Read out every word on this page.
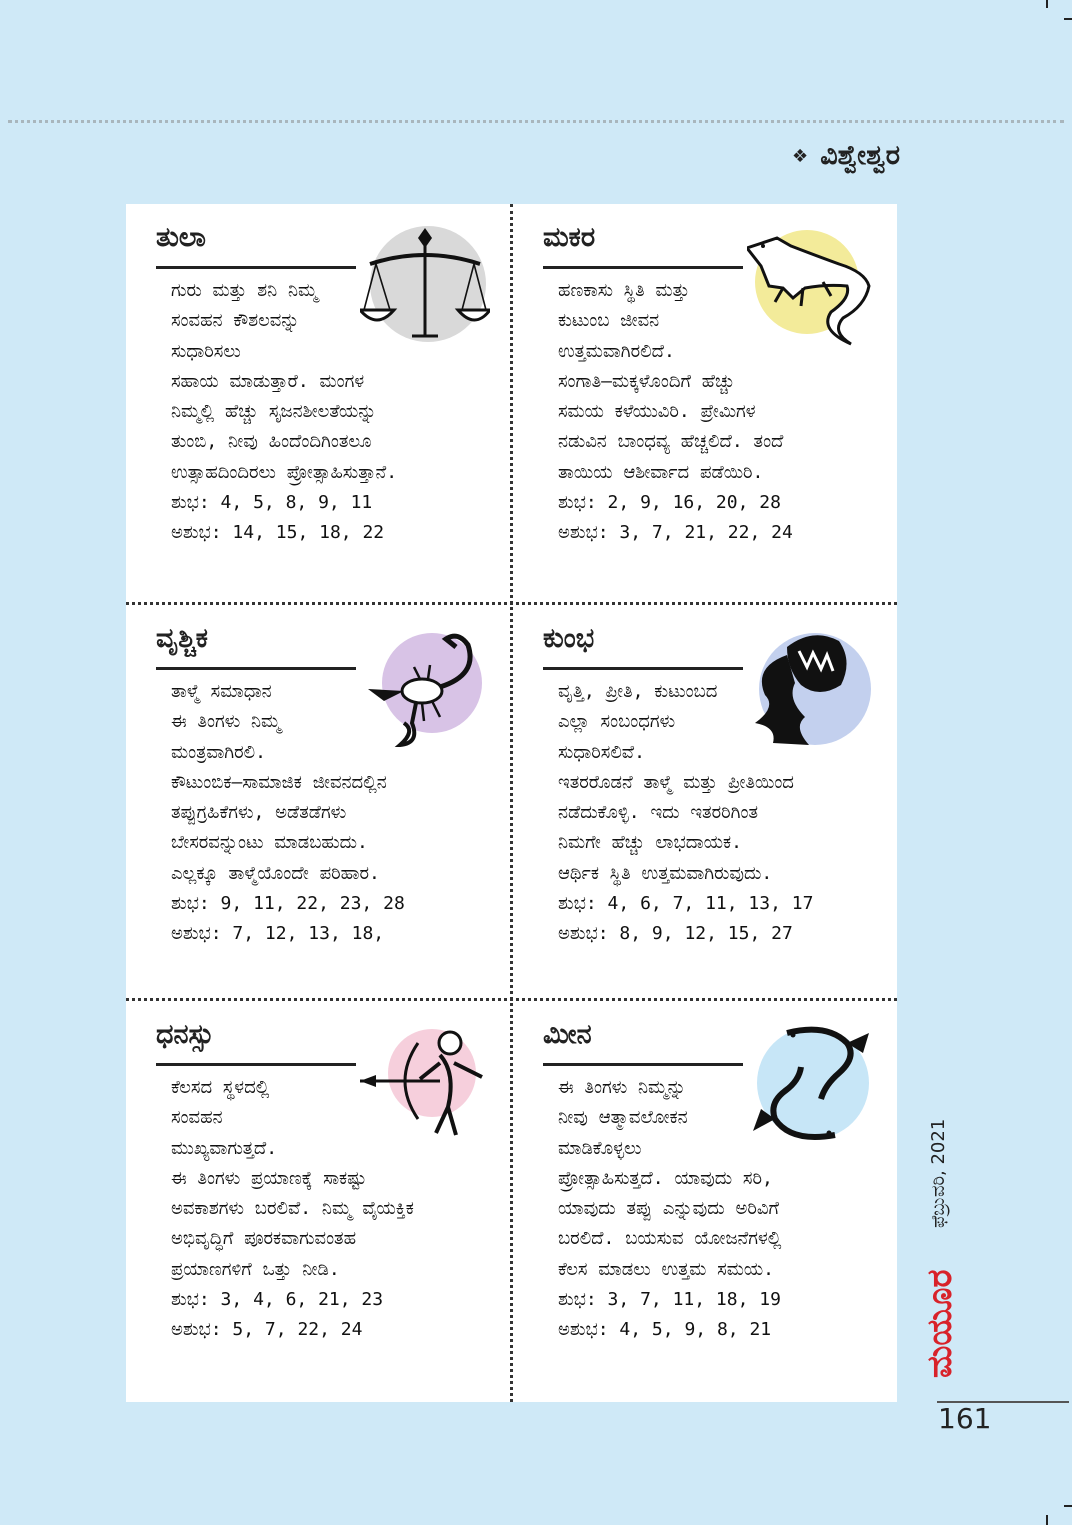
❖ ವಿಶ್ವೇಶ್ವರ
ತುಲಾ
ಗುರು ಮತ್ತು ಶನಿ ನಿಮ್ಮ
ಸಂವಹನ ಕೌಶಲವನ್ನು
ಸುಧಾರಿಸಲು
ಸಹಾಯ ಮಾಡುತ್ತಾರೆ. ಮಂಗಳ
ನಿಮ್ಮಲ್ಲಿ ಹೆಚ್ಚು ಸೃಜನಶೀಲತೆಯನ್ನು
ತುಂಬಿ, ನೀವು ಹಿಂದೆಂದಿಗಿಂತಲೂ
ಉತ್ಸಾಹದಿಂದಿರಲು ಪ್ರೋತ್ಸಾಹಿಸುತ್ತಾನೆ.
ಶುಭ: 4, 5, 8, 9, 11
ಅಶುಭ: 14, 15, 18, 22
ಮಕರ
ಹಣಕಾಸು ಸ್ಥಿತಿ ಮತ್ತು
ಕುಟುಂಬ ಜೀವನ
ಉತ್ತಮವಾಗಿರಲಿದೆ.
ಸಂಗಾತಿ–ಮಕ್ಕಳೊಂದಿಗೆ ಹೆಚ್ಚು
ಸಮಯ ಕಳೆಯುವಿರಿ. ಪ್ರೇಮಿಗಳ
ನಡುವಿನ ಬಾಂಧವ್ಯ ಹೆಚ್ಚಲಿದೆ. ತಂದೆ
ತಾಯಿಯ ಆಶೀರ್ವಾದ ಪಡೆಯಿರಿ.
ಶುಭ: 2, 9, 16, 20, 28
ಅಶುಭ: 3, 7, 21, 22, 24
ವೃಶ್ಚಿಕ
ತಾಳ್ಮೆ ಸಮಾಧಾನ
ಈ ತಿಂಗಳು ನಿಮ್ಮ
ಮಂತ್ರವಾಗಿರಲಿ.
ಕೌಟುಂಬಿಕ–ಸಾಮಾಜಿಕ ಜೀವನದಲ್ಲಿನ
ತಪ್ಪುಗ್ರಹಿಕೆಗಳು, ಅಡೆತಡೆಗಳು
ಬೇಸರವನ್ನುಂಟು ಮಾಡಬಹುದು.
ಎಲ್ಲಕ್ಕೂ ತಾಳ್ಮೆಯೊಂದೇ ಪರಿಹಾರ.
ಶುಭ: 9, 11, 22, 23, 28
ಅಶುಭ: 7, 12, 13, 18,
ಕುಂಭ
ವೃತ್ತಿ, ಪ್ರೀತಿ, ಕುಟುಂಬದ
ಎಲ್ಲಾ ಸಂಬಂಧಗಳು
ಸುಧಾರಿಸಲಿವೆ.
ಇತರರೊಡನೆ ತಾಳ್ಮೆ ಮತ್ತು ಪ್ರೀತಿಯಿಂದ
ನಡೆದುಕೊಳ್ಳಿ. ಇದು ಇತರರಿಗಿಂತ
ನಿಮಗೇ ಹೆಚ್ಚು ಲಾಭದಾಯಕ.
ಆರ್ಥಿಕ ಸ್ಥಿತಿ ಉತ್ತಮವಾಗಿರುವುದು.
ಶುಭ: 4, 6, 7, 11, 13, 17
ಅಶುಭ: 8, 9, 12, 15, 27
ಧನಸ್ಸು
ಕೆಲಸದ ಸ್ಥಳದಲ್ಲಿ
ಸಂವಹನ
ಮುಖ್ಯವಾಗುತ್ತದೆ.
ಈ ತಿಂಗಳು ಪ್ರಯಾಣಕ್ಕೆ ಸಾಕಷ್ಟು
ಅವಕಾಶಗಳು ಬರಲಿವೆ. ನಿಮ್ಮ ವೈಯಕ್ತಿಕ
ಅಭಿವೃದ್ಧಿಗೆ ಪೂರಕವಾಗುವಂತಹ
ಪ್ರಯಾಣಗಳಿಗೆ ಒತ್ತು ನೀಡಿ.
ಶುಭ: 3, 4, 6, 21, 23
ಅಶುಭ: 5, 7, 22, 24
ಮೀನ
ಈ ತಿಂಗಳು ನಿಮ್ಮನ್ನು
ನೀವು ಆತ್ಮಾವಲೋಕನ
ಮಾಡಿಕೊಳ್ಳಲು
ಪ್ರೋತ್ಸಾಹಿಸುತ್ತದೆ. ಯಾವುದು ಸರಿ,
ಯಾವುದು ತಪ್ಪು ಎನ್ನುವುದು ಅರಿವಿಗೆ
ಬರಲಿದೆ. ಬಯಸುವ ಯೋಜನೆಗಳಲ್ಲಿ
ಕೆಲಸ ಮಾಡಲು ಉತ್ತಮ ಸಮಯ.
ಶುಭ: 3, 7, 11, 18, 19
ಅಶುಭ: 4, 5, 9, 8, 21
ಫೆಬ್ರುವರಿ, 2021
ಮಯೂರ
161
